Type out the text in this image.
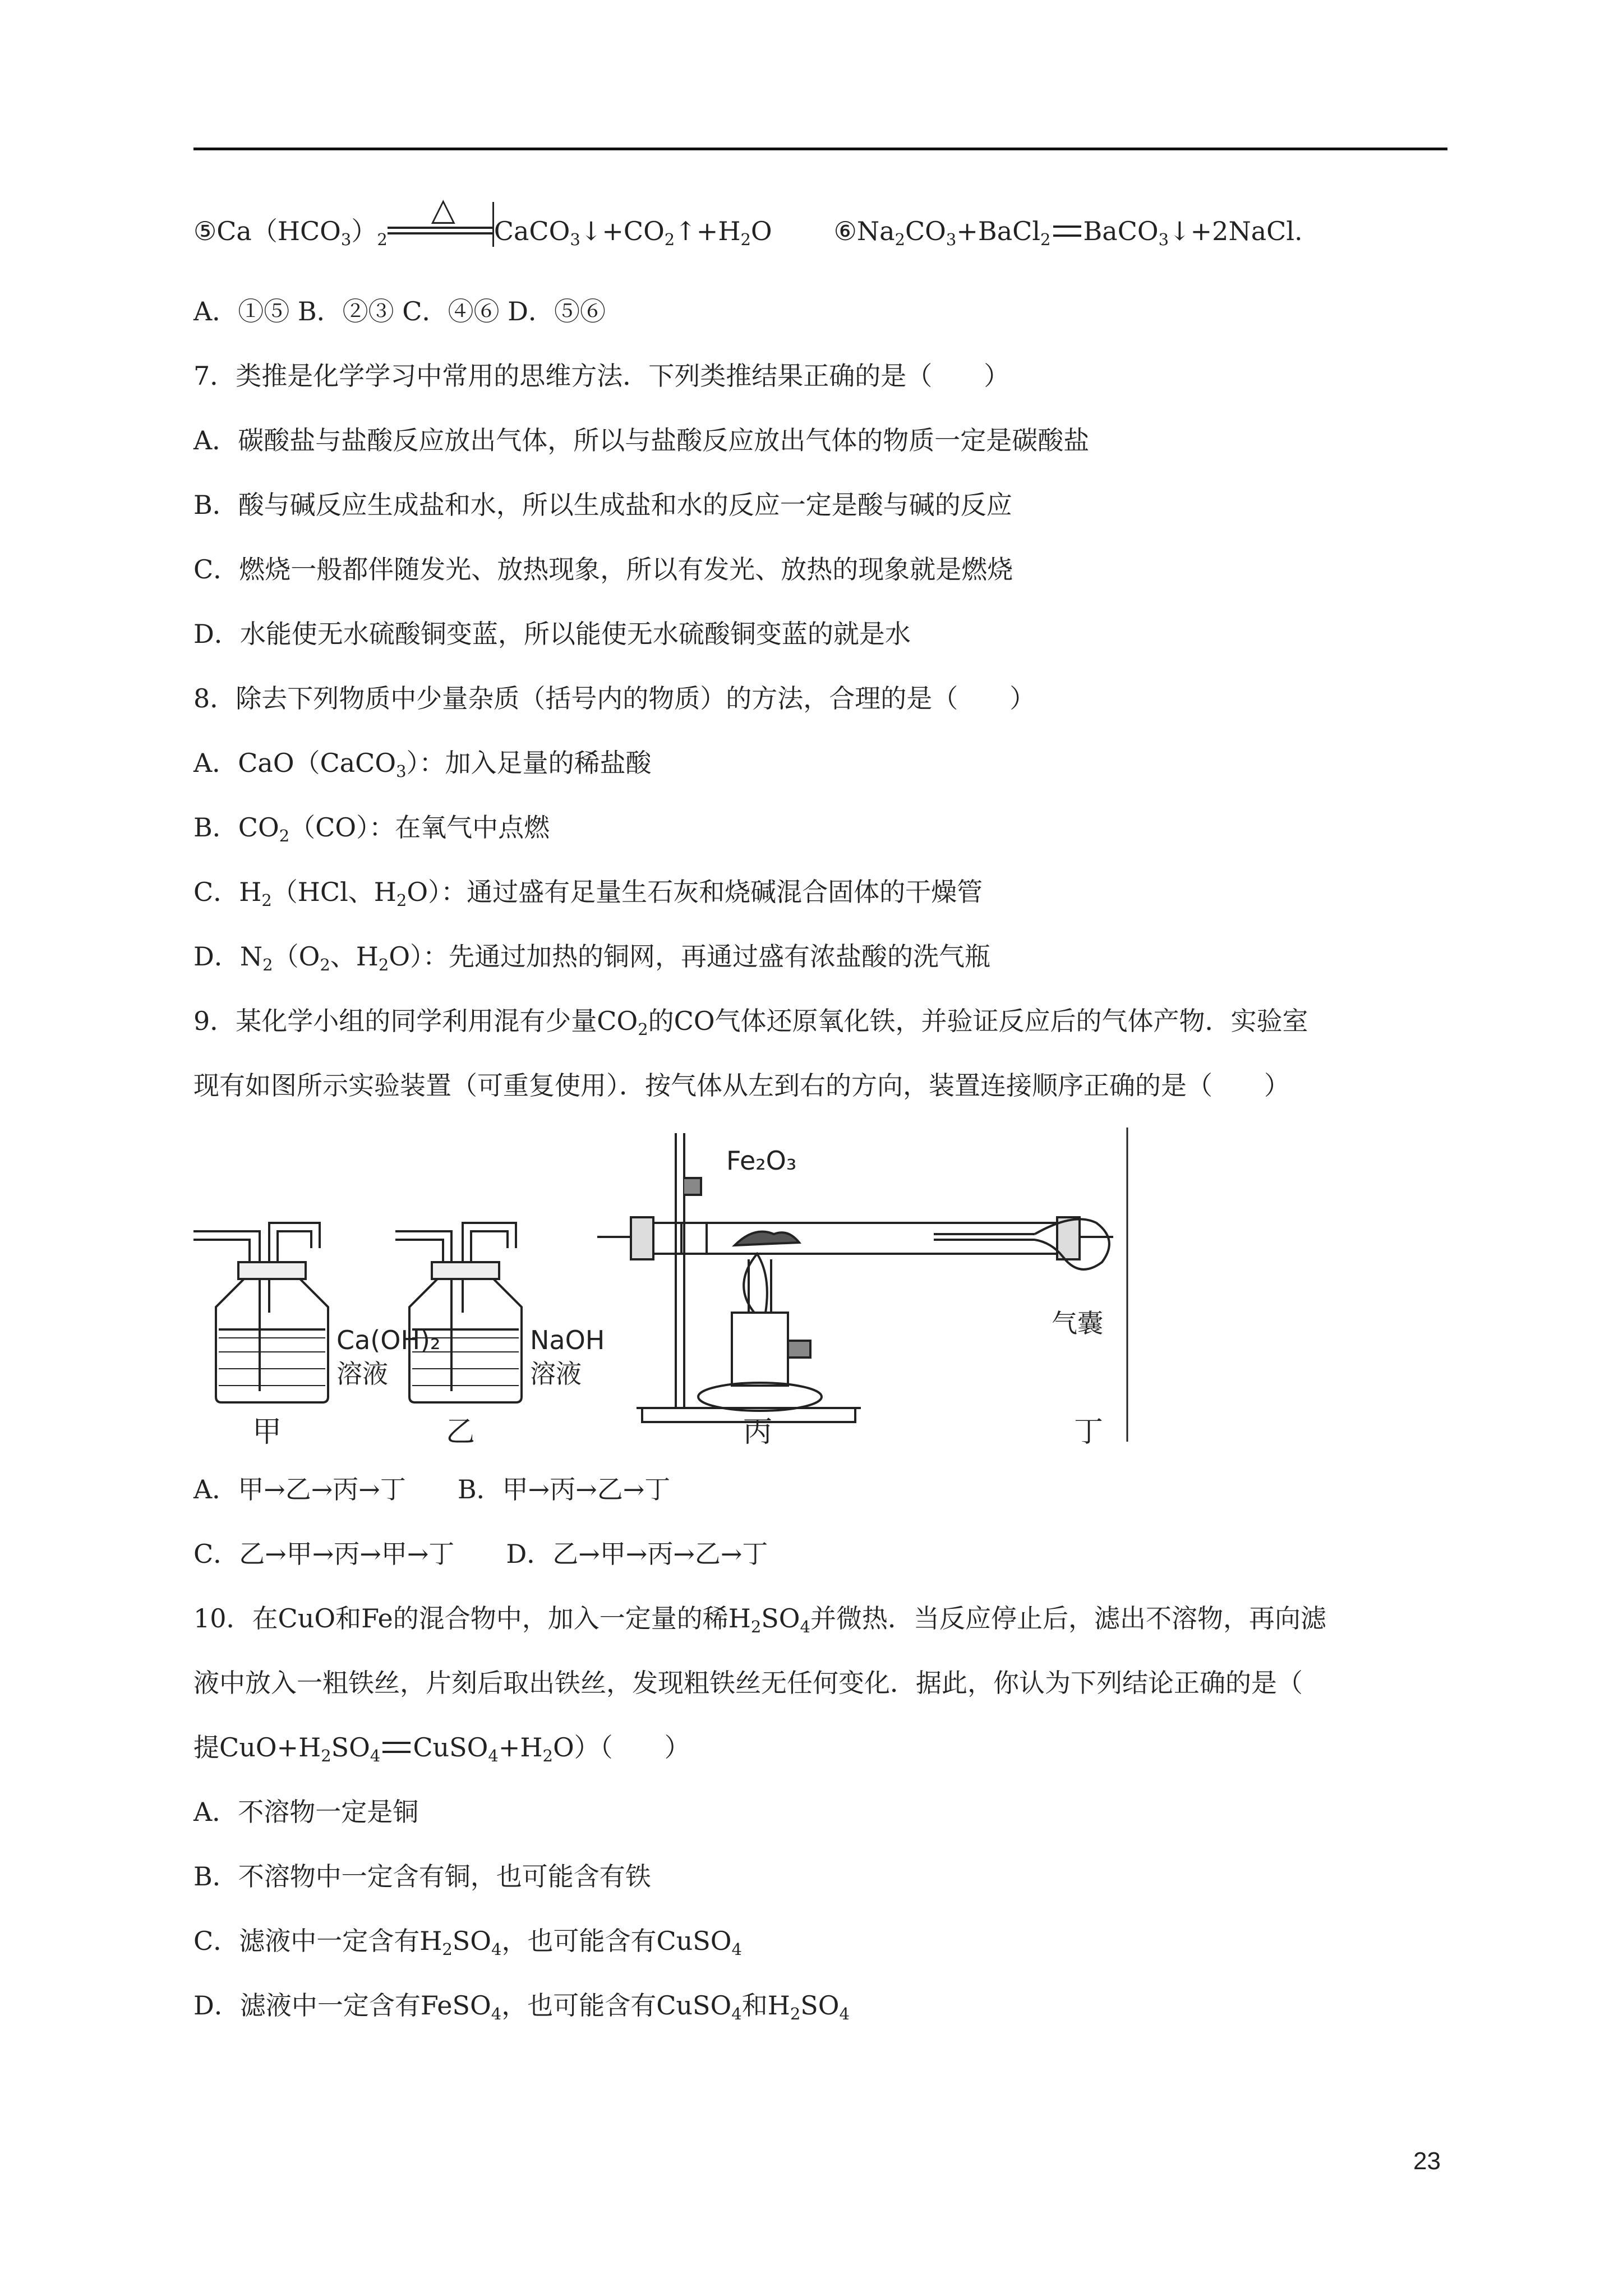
$⑤Ca(HCO_3)_2$
△
$CaCO_3↓+CO_2↑+H_2O$ $⑥Na_2CO_3+BaCl_2$ BaCO$_3$↓+2NaCl.
A．①⑤ B．②③ C．④⑥ D．⑤⑥
7．类推是化学学习中常用的思维方法．下列类推结果正确的是（　　）
A．碳酸盐与盐酸反应放出气体，所以与盐酸反应放出气体的物质一定是碳酸盐
B．酸与碱反应生成盐和水，所以生成盐和水的反应一定是酸与碱的反应
C．燃烧一般都伴随发光、放热现象，所以有发光、放热的现象就是燃烧
D．水能使无水硫酸铜变蓝，所以能使无水硫酸铜变蓝的就是水
8．除去下列物质中少量杂质（括号内的物质）的方法，合理的是（　　）
A．CaO（CaCO$_3$）：加入足量的稀盐酸
B．$CO_2(CO)$：在氧气中点燃
C．$H_2(HCl$、$H_2O$）：通过盛有足量生石灰和烧碱混合固体的干燥管
D．$N_2(O_2$、$H_2O$）：先通过加热的铜网，再通过盛有浓盐酸的洗气瓶
9．某化学小组的同学利用混有少量$CO_2$的CO气体还原氧化铁，并验证反应后的气体产物．实验室
现有如图所示实验装置（可重复使用）．按气体从左到右的方向，装置连接顺序正确的是（　　）
Ca(OH)₂
溶液
甲
NaOH
溶液
乙
Fe₂O₃
丙
气囊
丁
A．甲→乙→丙→丁　　B．甲→丙→乙→丁
C．乙→甲→丙→甲→丁　　D．乙→甲→丙→乙→丁
10．在CuO和Fe的混合物中，加入一定量的稀$H_2SO_4$并微热．当反应停止后，滤出不溶物，再向滤
液中放入一粗铁丝，片刻后取出铁丝，发现粗铁丝无任何变化．据此，你认为下列结论正确的是（
提$CuO+H_2SO_4$ $CuSO_4+H_2O$）（　　）
A．不溶物一定是铜
B．不溶物中一定含有铜，也可能含有铁
C．滤液中一定含有$H_2SO_4$，也可能含有CuSO$_4$
D．滤液中一定含有FeSO$_4$，也可能含有CuSO$_4$和$H_2SO_4$
23
